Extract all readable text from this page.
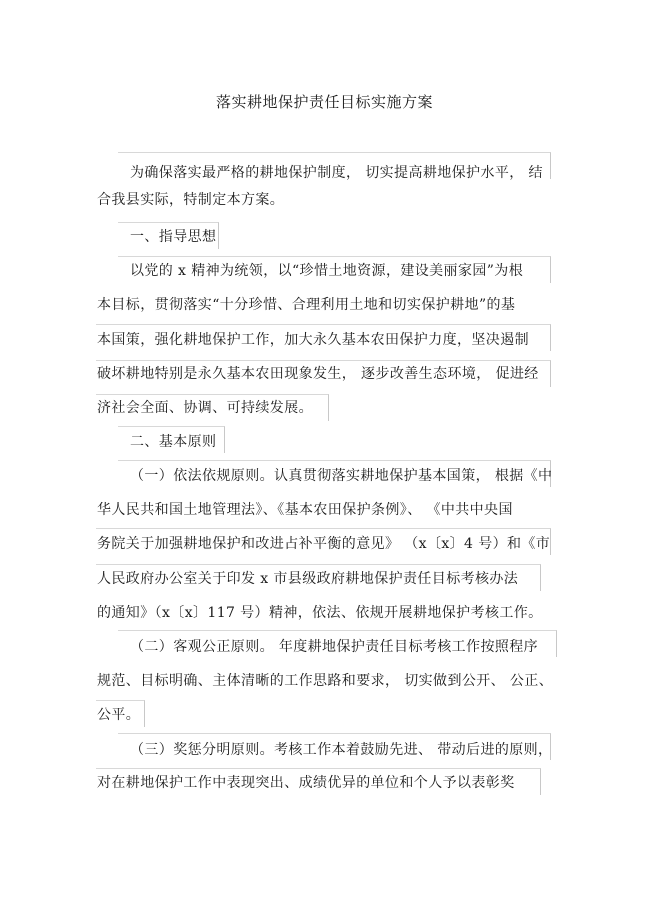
落实耕地保护责任目标实施方案
为确保落实最严格的耕地保护制度， 切实提高耕地保护水平， 结
合我县实际，特制定本方案。
一、指导思想
以党的 x 精神为统领，以“珍惜土地资源，建设美丽家园”为根
本目标，贯彻落实“十分珍惜、合理利用土地和切实保护耕地”的基
本国策，强化耕地保护工作，加大永久基本农田保护力度，坚决遏制
破坏耕地特别是永久基本农田现象发生， 逐步改善生态环境， 促进经
济社会全面、协调、可持续发展。
二、基本原则
（一）依法依规原则。认真贯彻落实耕地保护基本国策， 根据《中
华人民共和国土地管理法》、《基本农田保护条例》、 《中共中央国
务院关于加强耕地保护和改进占补平衡的意见》 （x〔x〕4 号）和《市
人民政府办公室关于印发 x 市县级政府耕地保护责任目标考核办法
的通知》（x〔x〕117 号）精神，依法、依规开展耕地保护考核工作。
（二）客观公正原则。 年度耕地保护责任目标考核工作按照程序
规范、目标明确、主体清晰的工作思路和要求， 切实做到公开、 公正、
公平。
（三）奖惩分明原则。考核工作本着鼓励先进、 带动后进的原则，
对在耕地保护工作中表现突出、成绩优异的单位和个人予以表彰奖
